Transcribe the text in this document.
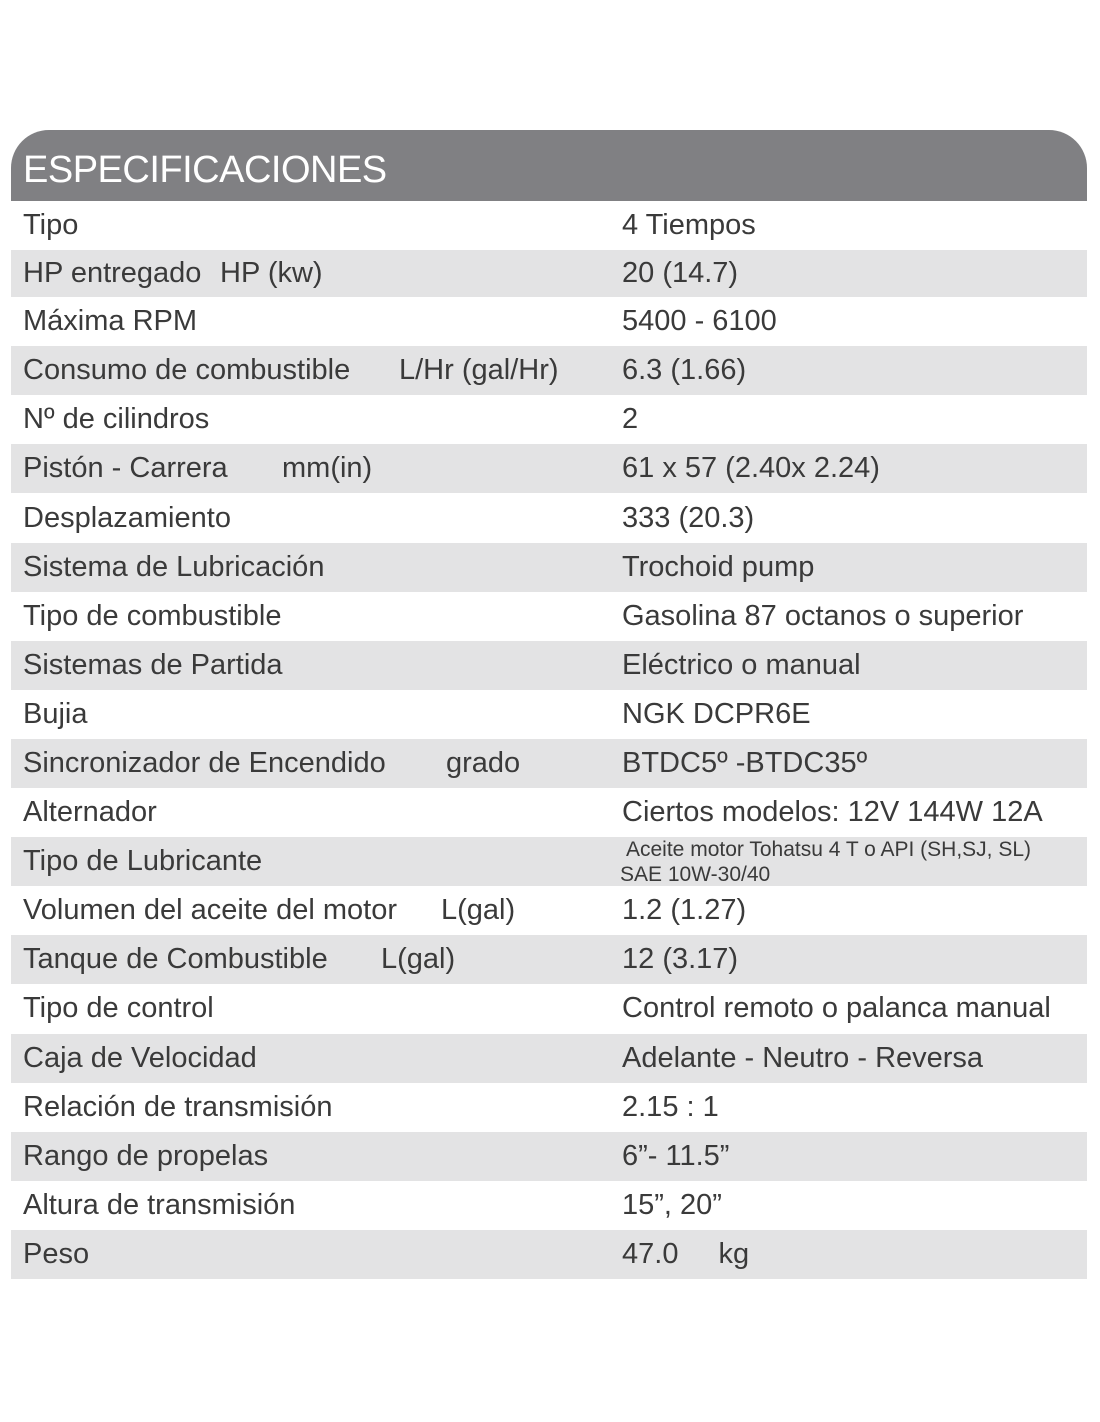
ESPECIFICACIONES
Tipo	4 Tiempos
HP entregado HP (kw)	20 (14.7)
Máxima RPM	5400 - 6100
Consumo de combustible L/Hr (gal/Hr) 6.3 (1.66)
Nº de cilindros	2
Pistón - Carrera mm(in)	61 x 57 (2.40x 2.24)
Desplazamiento	333 (20.3)
Sistema de Lubricación	Trochoid pump
Tipo de combustible	Gasolina 87 octanos o superior
Sistemas de Partida	Eléctrico o manual
Bujia	NGK DCPR6E
Sincronizador de Encendido grado	BTDC5º -BTDC35º
Alternador	Ciertos modelos: 12V 144W 12A
Tipo de Lubricante	Aceite motor Tohatsu 4 T o API (SH,SJ, SL)
SAE 10W-30/40
Volumen del aceite del motor L(gal)	1.2 (1.27)
Tanque de Combustible L(gal)	12 (3.17)
Tipo de control	Control remoto o palanca manual
Caja de Velocidad	Adelante - Neutro - Reversa
Relación de transmisión	2.15 : 1
Rango de propelas	6”- 11.5”
Altura de transmisión	15”, 20”
Peso	47.0 kg
